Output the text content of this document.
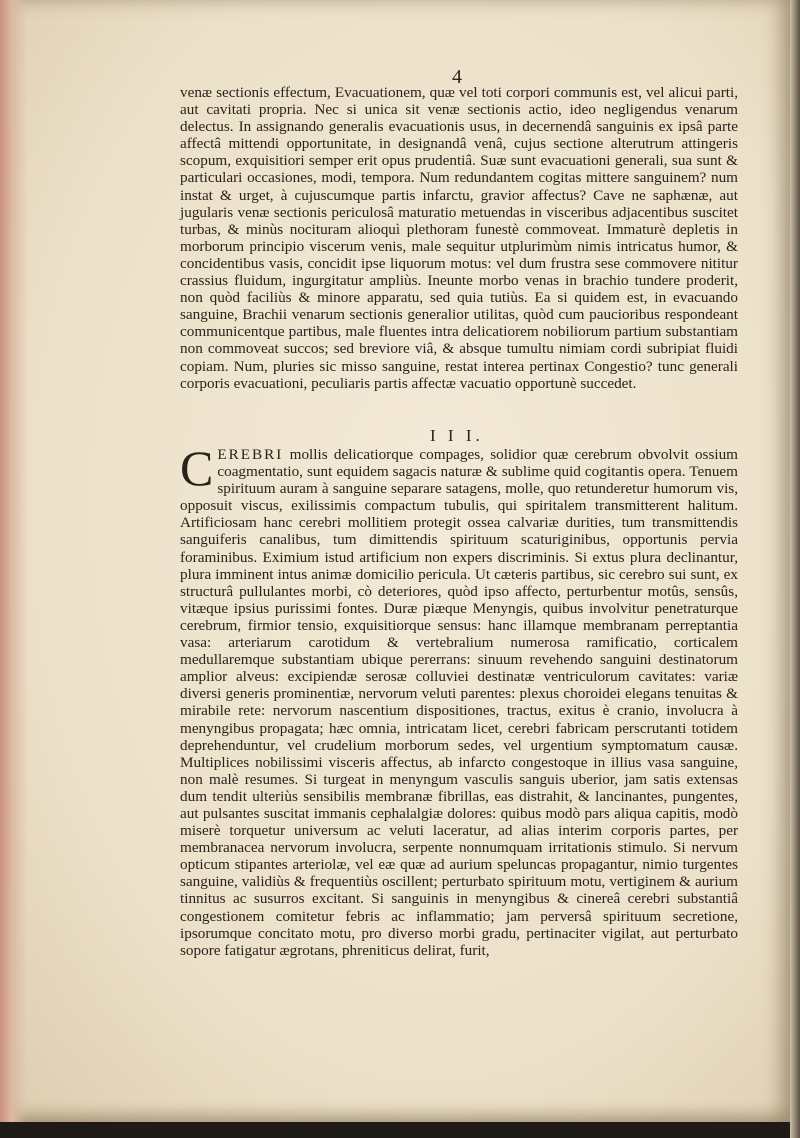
4

venæ sectionis effectum, Evacuationem, quæ vel toti corpori communis est, vel alicui parti, aut cavitati propria. Nec si unica sit venæ sectionis actio, ideo negligendus venarum delectus. In assignando generalis evacuationis usus, in decernendâ sanguinis ex ipsâ parte affectâ mittendi opportunitate, in designandâ venâ, cujus sectione alterutrum attingeris scopum, exquisitiori semper erit opus prudentiâ. Suæ sunt evacuationi generali, sua sunt & particulari occasiones, modi, tempora. Num redundantem cogitas mittere sanguinem? num instat & urget, à cujuscumque partis infarctu, gravior affectus? Cave ne saphænæ, aut jugularis venæ sectionis periculosâ maturatio metuendas in visceribus adjacentibus suscitet turbas, & minùs nocituram alioquì plethoram funestè commoveat. Immaturè depletis in morborum principio viscerum venis, male sequitur utplurimùm nimis intricatus humor, & concidentibus vasis, concidit ipse liquorum motus: vel dum frustra sese commovere nititur crassius fluidum, ingurgitatur ampliùs. Ineunte morbo venas in brachio tundere proderit, non quòd faciliùs & minore apparatu, sed quia tutiùs. Ea si quidem est, in evacuando sanguine, Brachii venarum sectionis generalior utilitas, quòd cum paucioribus respondeant communicentque partibus, male fluentes intra delicatiorem nobiliorum partium substantiam non commoveat succos; sed breviore viâ, & absque tumultu nimiam cordi subripiat fluidi copiam. Num, pluries sic misso sanguine, restat interea pertinax Congestio? tunc generali corporis evacuationi, peculiaris partis affectæ vacuatio opportunè succedet.

I I I.

CEREBRI mollis delicatiorque compages, solidior quæ cerebrum obvolvit ossium coagmentatio, sunt equidem sagacis naturæ & sublime quid cogitantis opera. Tenuem spirituum auram à sanguine separare satagens, molle, quo retunderetur humorum vis, opposuit viscus, exilissimis compactum tubulis, qui spiritalem transmitterent halitum. Artificiosam hanc cerebri mollitiem protegit ossea calvariæ durities, tum transmittendis sanguiferis canalibus, tum dimittendis spirituum scaturiginibus, opportunis pervia foraminibus. Eximium istud artificium non expers discriminis. Si extus plura declinantur, plura imminent intus animæ domicilio pericula. Ut cæteris partibus, sic cerebro sui sunt, ex structurâ pullulantes morbi, cò deteriores, quòd ipso affecto, perturbentur motûs, sensûs, vitæque ipsius purissimi fontes. Duræ piæque Menyngis, quibus involvitur penetraturque cerebrum, firmior tensio, exquisitiorque sensus: hanc illamque membranam perreptantia vasa: arteriarum carotidum & vertebralium numerosa ramificatio, corticalem medullaremque substantiam ubique pererrans: sinuum revehendo sanguini destinatorum amplior alveus: excipiendæ serosæ colluviei destinatæ ventriculorum cavitates: variæ diversi generis prominentiæ, nervorum veluti parentes: plexus choroidei elegans tenuitas & mirabile rete: nervorum nascentium dispositiones, tractus, exitus è cranio, involucra à menyngibus propagata; hæc omnia, intricatam licet, cerebri fabricam perscrutanti totidem deprehenduntur, vel crudelium morborum sedes, vel urgentium symptomatum causæ. Multiplices nobilissimi visceris affectus, ab infarcto congestoque in illius vasa sanguine, non malè resumes. Si turgeat in menyngum vasculis sanguis uberior, jam satis extensas dum tendit ulteriùs sensibilis membranæ fibrillas, eas distrahit, & lancinantes, pungentes, aut pulsantes suscitat immanis cephalalgiæ dolores: quibus modò pars aliqua capitis, modò miserè torquetur universum ac veluti laceratur, ad alias interim corporis partes, per membranacea nervorum involucra, serpente nonnumquam irritationis stimulo. Si nervum opticum stipantes arteriolæ, vel eæ quæ ad aurium speluncas propagantur, nimio turgentes sanguine, validiùs & frequentiùs oscillent; perturbato spirituum motu, vertiginem & aurium tinnitus ac susurros excitant. Si sanguinis in menyngibus & cinereâ cerebri substantiâ congestionem comitetur febris ac inflammatio; jam perversâ spirituum secretione, ipsorumque concitato motu, pro diverso morbi gradu, pertinaciter vigilat, aut perturbato sopore fatigatur ægrotans, phreniticus delirat, furit,
